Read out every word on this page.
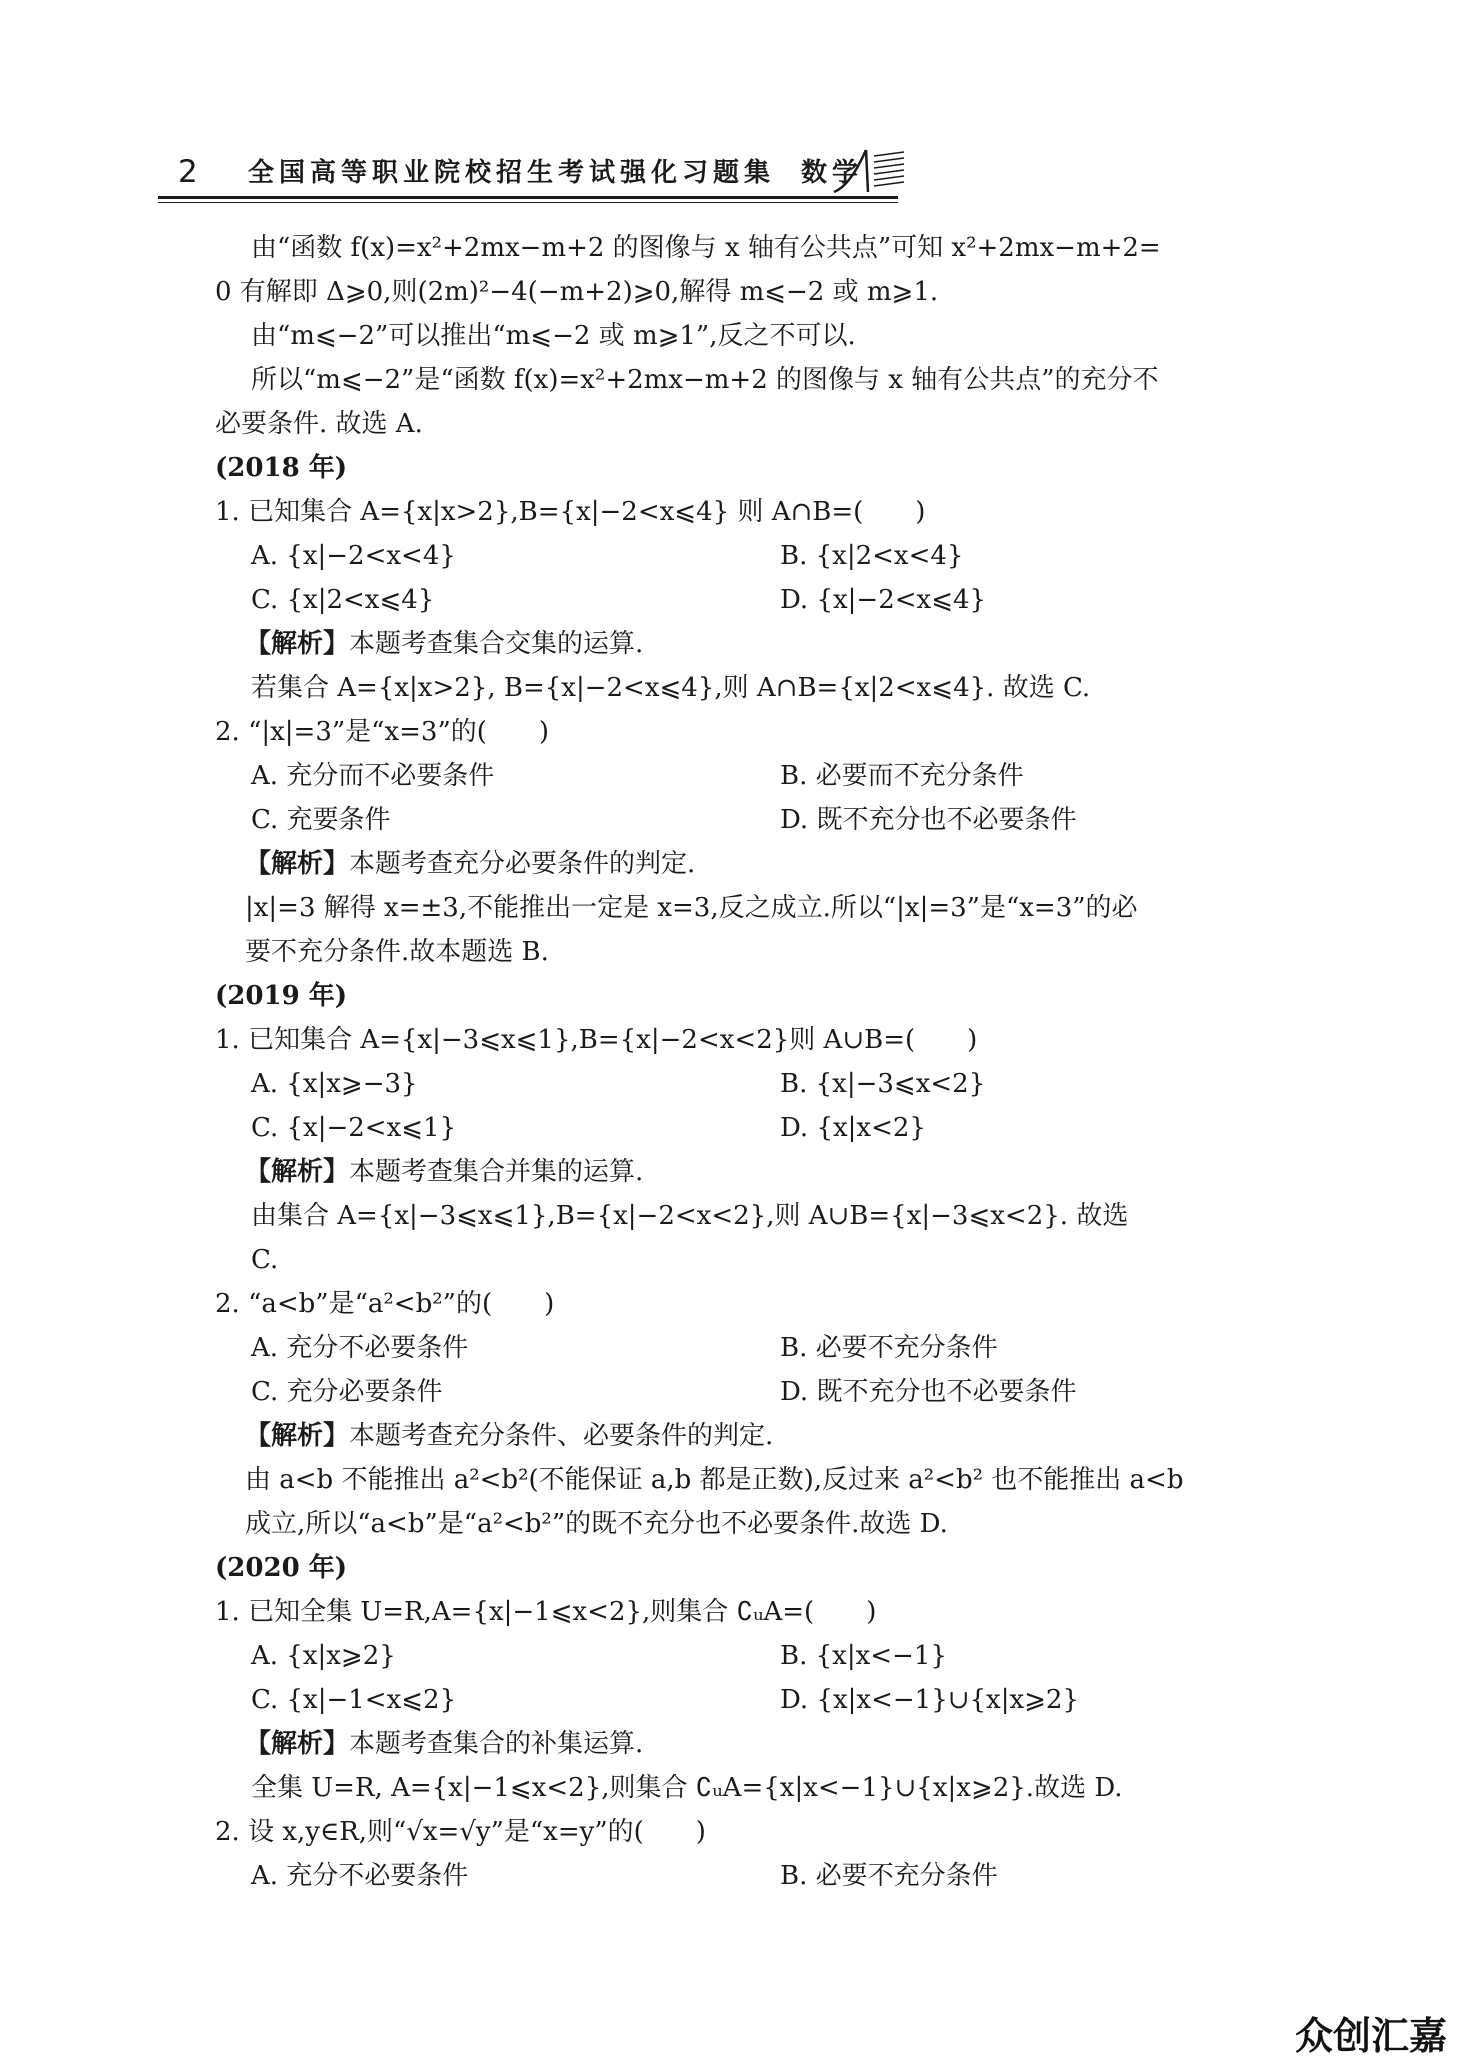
2 全国高等职业院校招生考试强化习题集 数学
由“函数 f(x)=x²+2mx−m+2 的图像与 x 轴有公共点”可知 x²+2mx−m+2=
0 有解即 Δ⩾0,则(2m)²−4(−m+2)⩾0,解得 m⩽−2 或 m⩾1.
由“m⩽−2”可以推出“m⩽−2 或 m⩾1”,反之不可以.
所以“m⩽−2”是“函数 f(x)=x²+2mx−m+2 的图像与 x 轴有公共点”的充分不
必要条件. 故选 A.
(2018 年)
1. 已知集合 A={x|x>2},B={x|−2<x⩽4} 则 A∩B=(　　)
A. {x|−2<x<4}	B. {x|2<x<4}
C. {x|2<x⩽4}	D. {x|−2<x⩽4}
【解析】本题考查集合交集的运算.
若集合 A={x|x>2}, B={x|−2<x⩽4},则 A∩B={x|2<x⩽4}. 故选 C.
2. “|x|=3”是“x=3”的(　　)
A. 充分而不必要条件	B. 必要而不充分条件
C. 充要条件	D. 既不充分也不必要条件
【解析】本题考查充分必要条件的判定.
|x|=3 解得 x=±3,不能推出一定是 x=3,反之成立.所以“|x|=3”是“x=3”的必
要不充分条件.故本题选 B.
(2019 年)
1. 已知集合 A={x|−3⩽x⩽1},B={x|−2<x<2}则 A∪B=(　　)
A. {x|x⩾−3}	B. {x|−3⩽x<2}
C. {x|−2<x⩽1}	D. {x|x<2}
【解析】本题考查集合并集的运算.
由集合 A={x|−3⩽x⩽1},B={x|−2<x<2},则 A∪B={x|−3⩽x<2}. 故选
C.
2. “a<b”是“a²<b²”的(　　)
A. 充分不必要条件	B. 必要不充分条件
C. 充分必要条件	D. 既不充分也不必要条件
【解析】本题考查充分条件、必要条件的判定.
由 a<b 不能推出 a²<b²(不能保证 a,b 都是正数),反过来 a²<b² 也不能推出 a<b
成立,所以“a<b”是“a²<b²”的既不充分也不必要条件.故选 D.
(2020 年)
1. 已知全集 U=R,A={x|−1⩽x<2},则集合 ∁ᵤA=(　　)
A. {x|x⩾2}	B. {x|x<−1}
C. {x|−1<x⩽2}	D. {x|x<−1}∪{x|x⩾2}
【解析】本题考查集合的补集运算.
全集 U=R, A={x|−1⩽x<2},则集合 ∁ᵤA={x|x<−1}∪{x|x⩾2}.故选 D.
2. 设 x,y∈R,则“√x=√y”是“x=y”的(　　)
A. 充分不必要条件	B. 必要不充分条件
众创汇嘉
